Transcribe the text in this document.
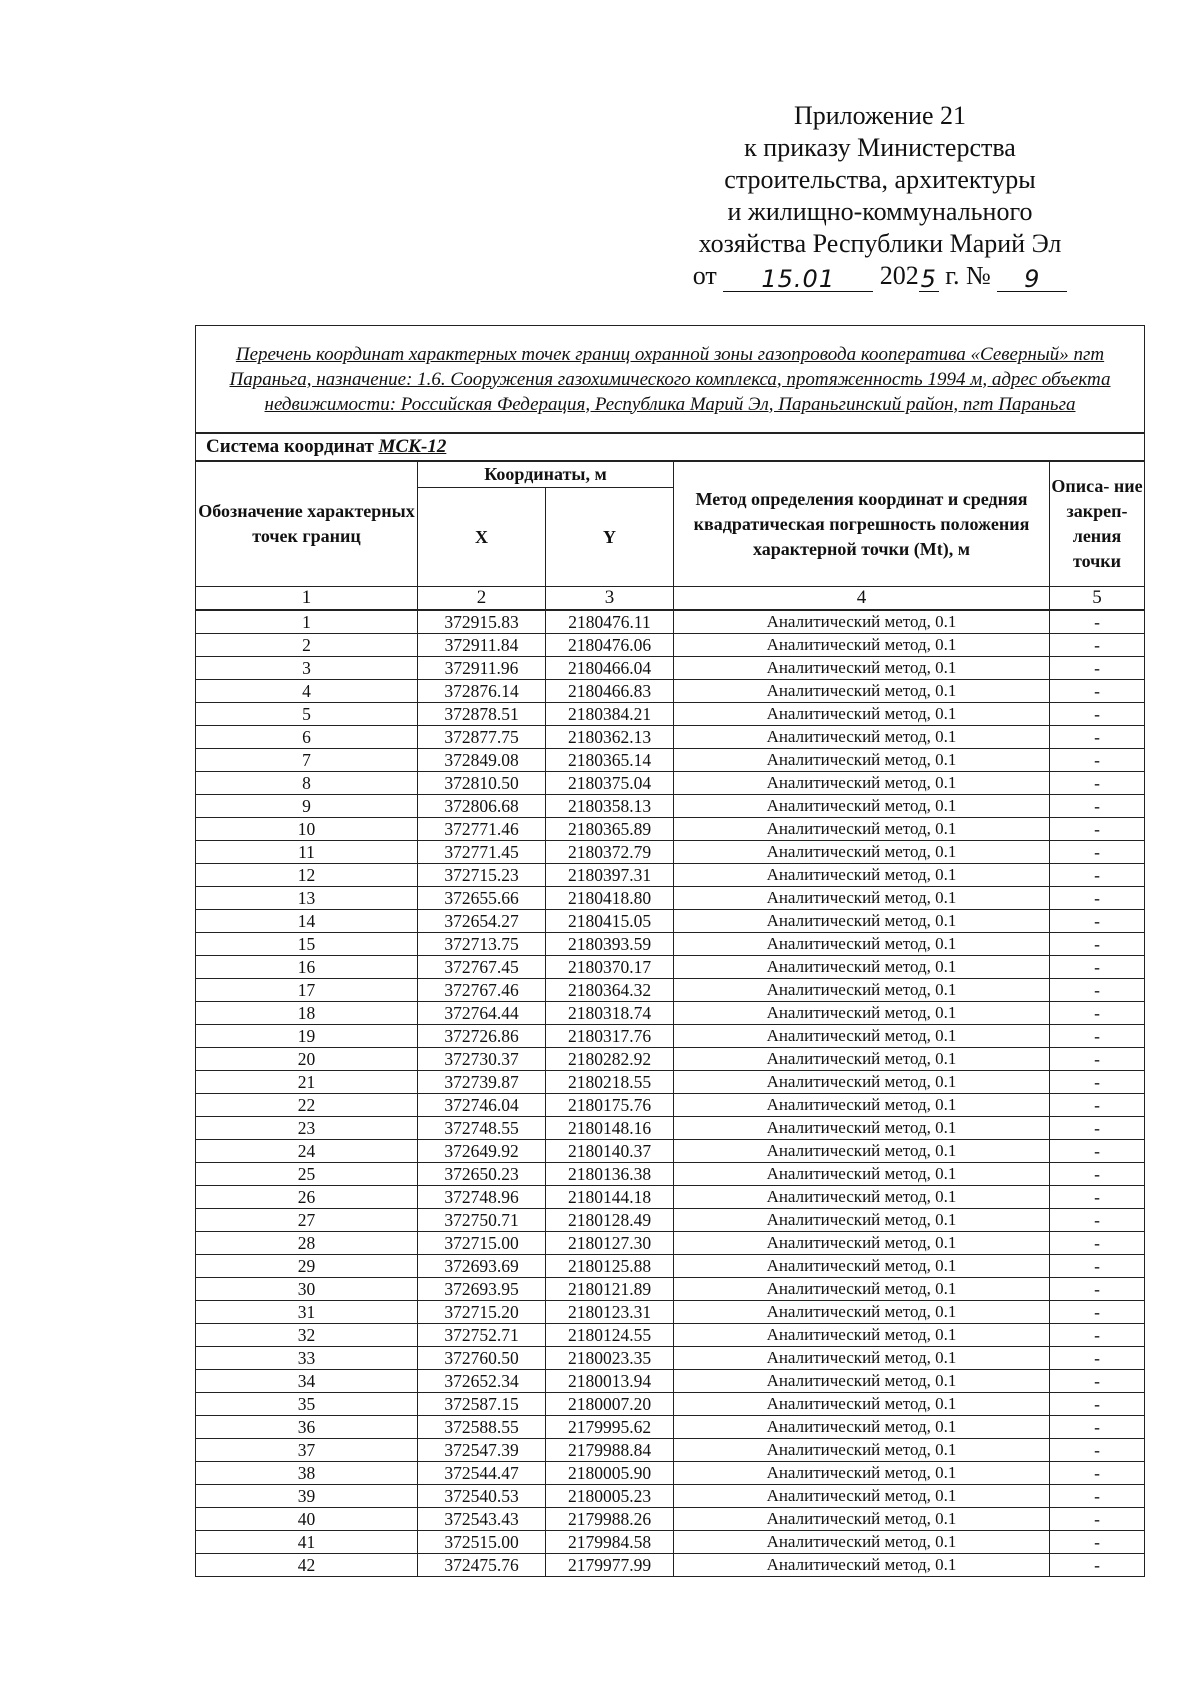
Приложение 21
к приказу Министерства
строительства, архитектуры
и жилищно-коммунального
хозяйства Республики Марий Эл
от 15.01 2025 г. № 9
Перечень координат характерных точек границ охранной зоны газопровода кооператива «Северный» пгт Параньга, назначение: 1.6. Сооружения газохимического комплекса, протяженность 1994 м, адрес объекта недвижимости: Российская Федерация, Республика Марий Эл, Параньгинский район, пгт Параньга				
Система координат МСК-12				
Обозначение характерных точек границ	Координаты, м		Метод определения координат и средняя квадратическая погрешность положения характерной точки (Mt), м	Описа- ние закреп- ления точки
	X	Y		
1	2	3	4	5
1	372915.83	2180476.11	Аналитический метод, 0.1	-
2	372911.84	2180476.06	Аналитический метод, 0.1	-
3	372911.96	2180466.04	Аналитический метод, 0.1	-
4	372876.14	2180466.83	Аналитический метод, 0.1	-
5	372878.51	2180384.21	Аналитический метод, 0.1	-
6	372877.75	2180362.13	Аналитический метод, 0.1	-
7	372849.08	2180365.14	Аналитический метод, 0.1	-
8	372810.50	2180375.04	Аналитический метод, 0.1	-
9	372806.68	2180358.13	Аналитический метод, 0.1	-
10	372771.46	2180365.89	Аналитический метод, 0.1	-
11	372771.45	2180372.79	Аналитический метод, 0.1	-
12	372715.23	2180397.31	Аналитический метод, 0.1	-
13	372655.66	2180418.80	Аналитический метод, 0.1	-
14	372654.27	2180415.05	Аналитический метод, 0.1	-
15	372713.75	2180393.59	Аналитический метод, 0.1	-
16	372767.45	2180370.17	Аналитический метод, 0.1	-
17	372767.46	2180364.32	Аналитический метод, 0.1	-
18	372764.44	2180318.74	Аналитический метод, 0.1	-
19	372726.86	2180317.76	Аналитический метод, 0.1	-
20	372730.37	2180282.92	Аналитический метод, 0.1	-
21	372739.87	2180218.55	Аналитический метод, 0.1	-
22	372746.04	2180175.76	Аналитический метод, 0.1	-
23	372748.55	2180148.16	Аналитический метод, 0.1	-
24	372649.92	2180140.37	Аналитический метод, 0.1	-
25	372650.23	2180136.38	Аналитический метод, 0.1	-
26	372748.96	2180144.18	Аналитический метод, 0.1	-
27	372750.71	2180128.49	Аналитический метод, 0.1	-
28	372715.00	2180127.30	Аналитический метод, 0.1	-
29	372693.69	2180125.88	Аналитический метод, 0.1	-
30	372693.95	2180121.89	Аналитический метод, 0.1	-
31	372715.20	2180123.31	Аналитический метод, 0.1	-
32	372752.71	2180124.55	Аналитический метод, 0.1	-
33	372760.50	2180023.35	Аналитический метод, 0.1	-
34	372652.34	2180013.94	Аналитический метод, 0.1	-
35	372587.15	2180007.20	Аналитический метод, 0.1	-
36	372588.55	2179995.62	Аналитический метод, 0.1	-
37	372547.39	2179988.84	Аналитический метод, 0.1	-
38	372544.47	2180005.90	Аналитический метод, 0.1	-
39	372540.53	2180005.23	Аналитический метод, 0.1	-
40	372543.43	2179988.26	Аналитический метод, 0.1	-
41	372515.00	2179984.58	Аналитический метод, 0.1	-
42	372475.76	2179977.99	Аналитический метод, 0.1	-
